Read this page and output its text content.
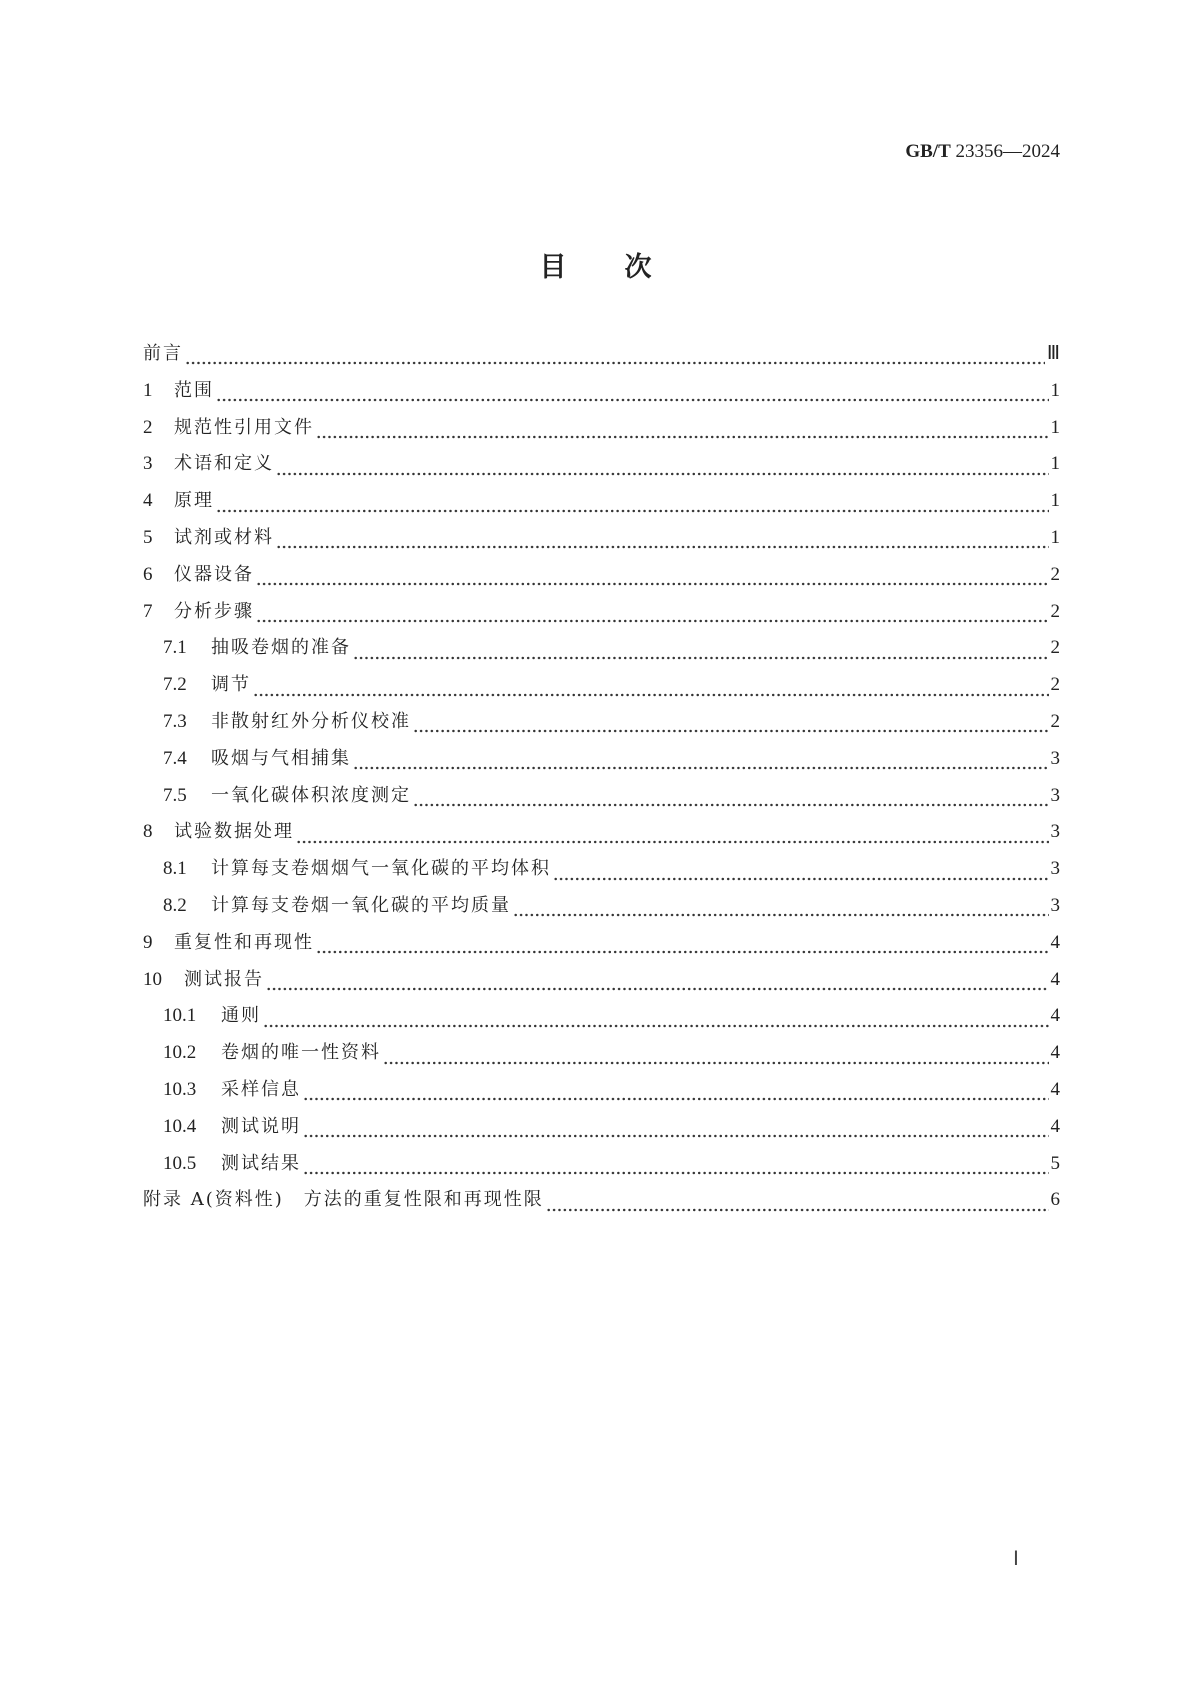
GB/T 23356—2024
目次
前言	Ⅲ
1	范围	1
2	规范性引用文件	1
3	术语和定义	1
4	原理	1
5	试剂或材料	1
6	仪器设备	2
7	分析步骤	2
7.1	抽吸卷烟的准备	2
7.2	调节	2
7.3	非散射红外分析仪校准	2
7.4	吸烟与气相捕集	3
7.5	一氧化碳体积浓度测定	3
8	试验数据处理	3
8.1	计算每支卷烟烟气一氧化碳的平均体积	3
8.2	计算每支卷烟一氧化碳的平均质量	3
9	重复性和再现性	4
10	测试报告	4
10.1	通则	4
10.2	卷烟的唯一性资料	4
10.3	采样信息	4
10.4	测试说明	4
10.5	测试结果	5
附录 A(资料性)　方法的重复性限和再现性限	6
Ⅰ
